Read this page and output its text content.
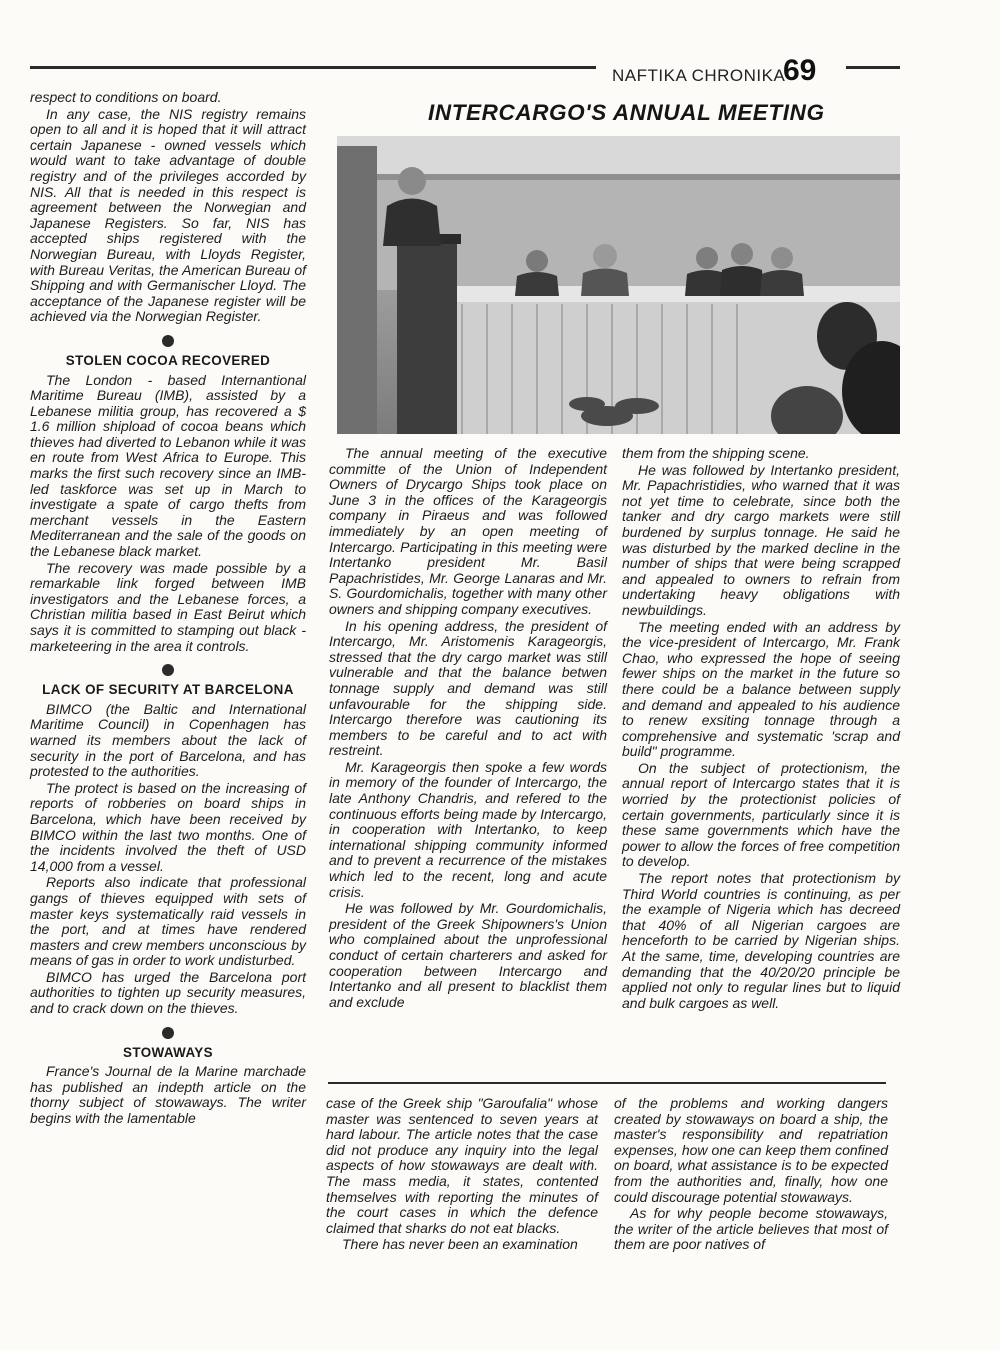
NAFTIKA CHRONIKA
69
INTERCARGO'S ANNUAL MEETING

respect to conditions on board.

In any case, the NIS registry remains open to all and it is hoped that it will attract certain Japanese - owned vessels which would want to take advantage of double registry and of the privileges accorded by NIS. All that is needed in this respect is agreement between the Norwegian and Japanese Registers. So far, NIS has accepted ships registered with the Norwegian Bureau, with Lloyds Register, with Bureau Veritas, the American Bureau of Shipping and with Germanischer Lloyd. The acceptance of the Japanese register will be achieved via the Norwegian Register.

STOLEN COCOA RECOVERED

The London - based Internantional Maritime Bureau (IMB), assisted by a Lebanese militia group, has recovered a $ 1.6 million shipload of cocoa beans which thieves had diverted to Lebanon while it was en route from West Africa to Europe. This marks the first such recovery since an IMB- led taskforce was set up in March to investigate a spate of cargo thefts from merchant vessels in the Eastern Mediterranean and the sale of the goods on the Lebanese black market.

The recovery was made possible by a remarkable link forged between IMB investigators and the Lebanese forces, a Christian militia based in East Beirut which says it is committed to stamping out black - marketeering in the area it controls.

LACK OF SECURITY AT BARCELONA

BIMCO (the Baltic and International Maritime Council) in Copenhagen has warned its members about the lack of security in the port of Barcelona, and has protested to the authorities.

The protect is based on the increasing of reports of robberies on board ships in Barcelona, which have been received by BIMCO within the last two months. One of the incidents involved the theft of USD 14,000 from a vessel.

Reports also indicate that professional gangs of thieves equipped with sets of master keys systematically raid vessels in the port, and at times have rendered masters and crew members unconscious by means of gas in order to work undisturbed.

BIMCO has urged the Barcelona port authorities to tighten up security measures, and to crack down on the thieves.

STOWAWAYS

France's Journal de la Marine marchade has published an indepth article on the thorny subject of stowaways. The writer begins with the lamentable

The annual meeting of the executive committe of the Union of Independent Owners of Drycargo Ships took place on June 3 in the offices of the Karageorgis company in Piraeus and was followed immediately by an open meeting of Intercargo. Participating in this meeting were Intertanko president Mr. Basil Papachristides, Mr. George Lanaras and Mr. S. Gourdomichalis, together with many other owners and shipping company executives.

In his opening address, the president of Intercargo, Mr. Aristomenis Karageorgis, stressed that the dry cargo market was still vulnerable and that the balance betwen tonnage supply and demand was still unfavourable for the shipping side. Intercargo therefore was cautioning its members to be careful and to act with restreint.

Mr. Karageorgis then spoke a few words in memory of the founder of Intercargo, the late Anthony Chandris, and refered to the continuous efforts being made by Intercargo, in cooperation with Intertanko, to keep international shipping community informed and to prevent a recurrence of the mistakes which led to the recent, long and acute crisis.

He was followed by Mr. Gourdomichalis, president of the Greek Shipowners's Union who complained about the unprofessional conduct of certain charterers and asked for cooperation between Intercargo and Intertanko and all present to blacklist them and exclude

them from the shipping scene.

He was followed by Intertanko president, Mr. Papachristidies, who warned that it was not yet time to celebrate, since both the tanker and dry cargo markets were still burdened by surplus tonnage. He said he was disturbed by the marked decline in the number of ships that were being scrapped and appealed to owners to refrain from undertaking heavy obligations with newbuildings.

The meeting ended with an address by the vice-president of Intercargo, Mr. Frank Chao, who expressed the hope of seeing fewer ships on the market in the future so there could be a balance between supply and demand and appealed to his audience to renew exsiting tonnage through a comprehensive and systematic 'scrap and build" programme.

On the subject of protectionism, the annual report of Intercargo states that it is worried by the protectionist policies of certain governments, particularly since it is these same governments which have the power to allow the forces of free competition to develop.

The report notes that protectionism by Third World countries is continuing, as per the example of Nigeria which has decreed that 40% of all Nigerian cargoes are henceforth to be carried by Nigerian ships. At the same, time, developing countries are demanding that the 40/20/20 principle be applied not only to regular lines but to liquid and bulk cargoes as well.

case of the Greek ship "Garoufalia" whose master was sentenced to seven years at hard labour. The article notes that the case did not produce any inquiry into the legal aspects of how stowaways are dealt with. The mass media, it states, contented themselves with reporting the minutes of the court cases in which the defence claimed that sharks do not eat blacks.

There has never been an examination

of the problems and working dangers created by stowaways on board a ship, the master's responsibility and repatriation expenses, how one can keep them confined on board, what assistance is to be expected from the authorities and, finally, how one could discourage potential stowaways.

As for why people become stowaways, the writer of the article believes that most of them are poor natives of
